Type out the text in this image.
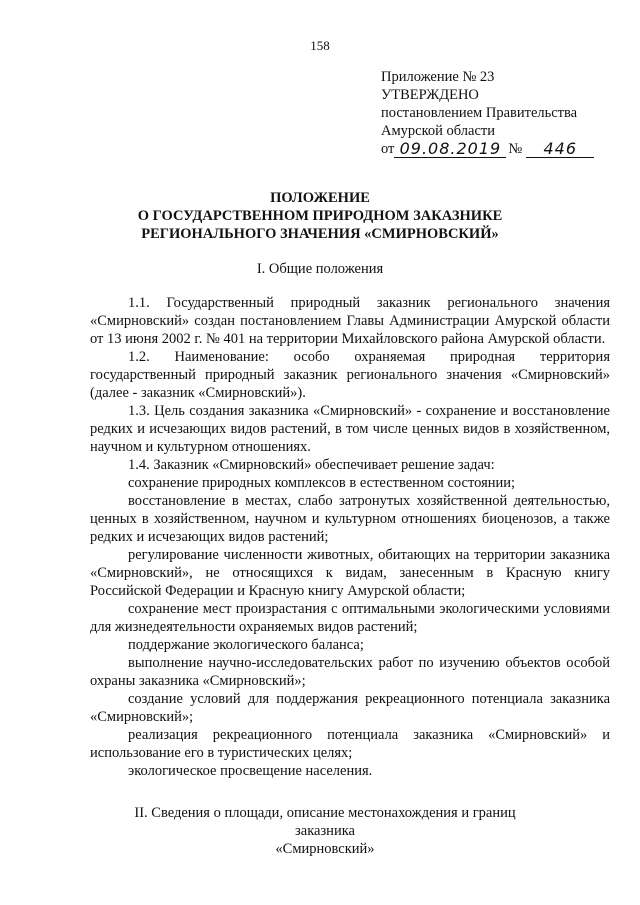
158
Приложение № 23
УТВЕРЖДЕНО
постановлением Правительства
Амурской области
от 09.08.2019 №	446
ПОЛОЖЕНИЕ
О ГОСУДАРСТВЕННОМ ПРИРОДНОМ ЗАКАЗНИКЕ
РЕГИОНАЛЬНОГО ЗНАЧЕНИЯ «СМИРНОВСКИЙ»
I. Общие положения

1.1. Государственный природный заказник регионального значения «Смирновский» создан постановлением Главы Администрации Амурской области от 13 июня 2002 г. № 401 на территории Михайловского района Амурской области.

1.2. Наименование: особо охраняемая природная территория государственный природный заказник регионального значения «Смирновский» (далее - заказник «Смирновский»).

1.3. Цель создания заказника «Смирновский» - сохранение и восстановление редких и исчезающих видов растений, в том числе ценных видов в хозяйственном, научном и культурном отношениях.

1.4. Заказник «Смирновский» обеспечивает решение задач:

сохранение природных комплексов в естественном состоянии;

восстановление в местах, слабо затронутых хозяйственной деятельностью, ценных в хозяйственном, научном и культурном отношениях биоценозов, а также редких и исчезающих видов растений;

регулирование численности животных, обитающих на территории заказника «Смирновский», не относящихся к видам, занесенным в Красную книгу Российской Федерации и Красную книгу Амурской области;

сохранение мест произрастания с оптимальными экологическими условиями для жизнедеятельности охраняемых видов растений;

поддержание экологического баланса;

выполнение научно-исследовательских работ по изучению объектов особой охраны заказника «Смирновский»;

создание условий для поддержания рекреационного потенциала заказника «Смирновский»;

реализация рекреационного потенциала заказника «Смирновский» и использование его в туристических целях;

экологическое просвещение населения.

II. Сведения о площади, описание местонахождения и границ заказника
«Смирновский»
